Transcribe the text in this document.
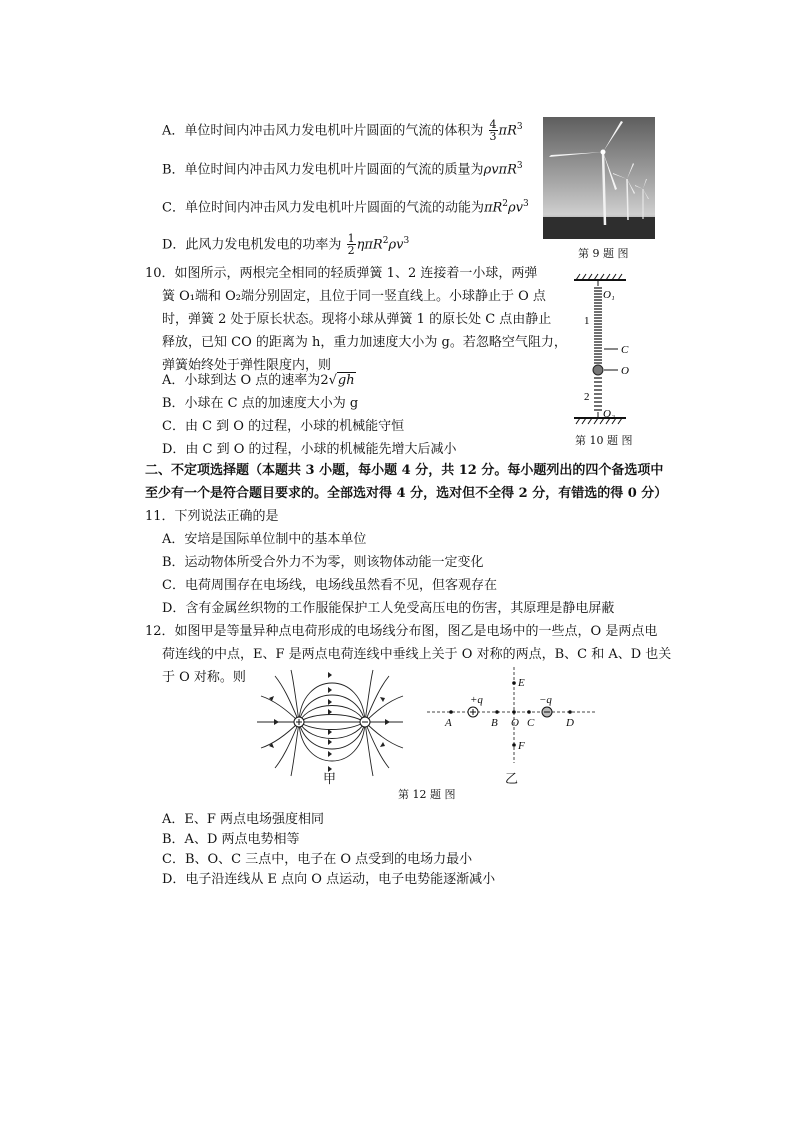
A．单位时间内冲击风力发电机叶片圆面的气流的体积为 $\frac{4}{3} \pi R^3$
B．单位时间内冲击风力发电机叶片圆面的气流的质量为ρvπR$^3$
C．单位时间内冲击风力发电机叶片圆面的气流的动能为$\pi R^2\rho v^3$
D．此风力发电机发电的功率为 $\frac{1}{2} \eta\pi R^2\rho v^3$
第 9 题 图
10．如图所示，两根完全相同的轻质弹簧 1、2 连接着一小球，两弹
簧 O₁端和 O₂端分别固定，且位于同一竖直线上。小球静止于 O 点
时，弹簧 2 处于原长状态。现将小球从弹簧 1 的原长处 C 点由静止
释放，已知 CO 的距离为 h，重力加速度大小为 g。若忽略空气阻力，
弹簧始终处于弹性限度内，则
A．小球到达 O 点的速率为2√gh
B．小球在 C 点的加速度大小为 g
C．由 C 到 O 的过程，小球的机械能守恒
D．由 C 到 O 的过程，小球的机械能先增大后减小
O₁
1
C
O
2
O₂
第 10 题 图
二、不定项选择题（本题共 3 小题，每小题 4 分，共 12 分。每小题列出的四个备选项中
至少有一个是符合题目要求的。全部选对得 4 分，选对但不全得 2 分，有错选的得 0 分）
11．下列说法正确的是
A．安培是国际单位制中的基本单位
B．运动物体所受合外力不为零，则该物体动能一定变化
C．电荷周围存在电场线，电场线虽然看不见，但客观存在
D．含有金属丝织物的工作服能保护工人免受高压电的伤害，其原理是静电屏蔽
12．如图甲是等量异种点电荷形成的电场线分布图，图乙是电场中的一些点，O 是两点电
荷连线的中点，E、F 是两点电荷连线中垂线上关于 O 对称的两点，B、C 和 A、D 也关
于 O 对称。则
甲
A	B O C	D
E
F
+q	−q
乙
第 12 题 图
A．E、F 两点电场强度相同
B．A、D 两点电势相等
C．B、O、C 三点中，电子在 O 点受到的电场力最小
D．电子沿连线从 E 点向 O 点运动，电子电势能逐渐减小
